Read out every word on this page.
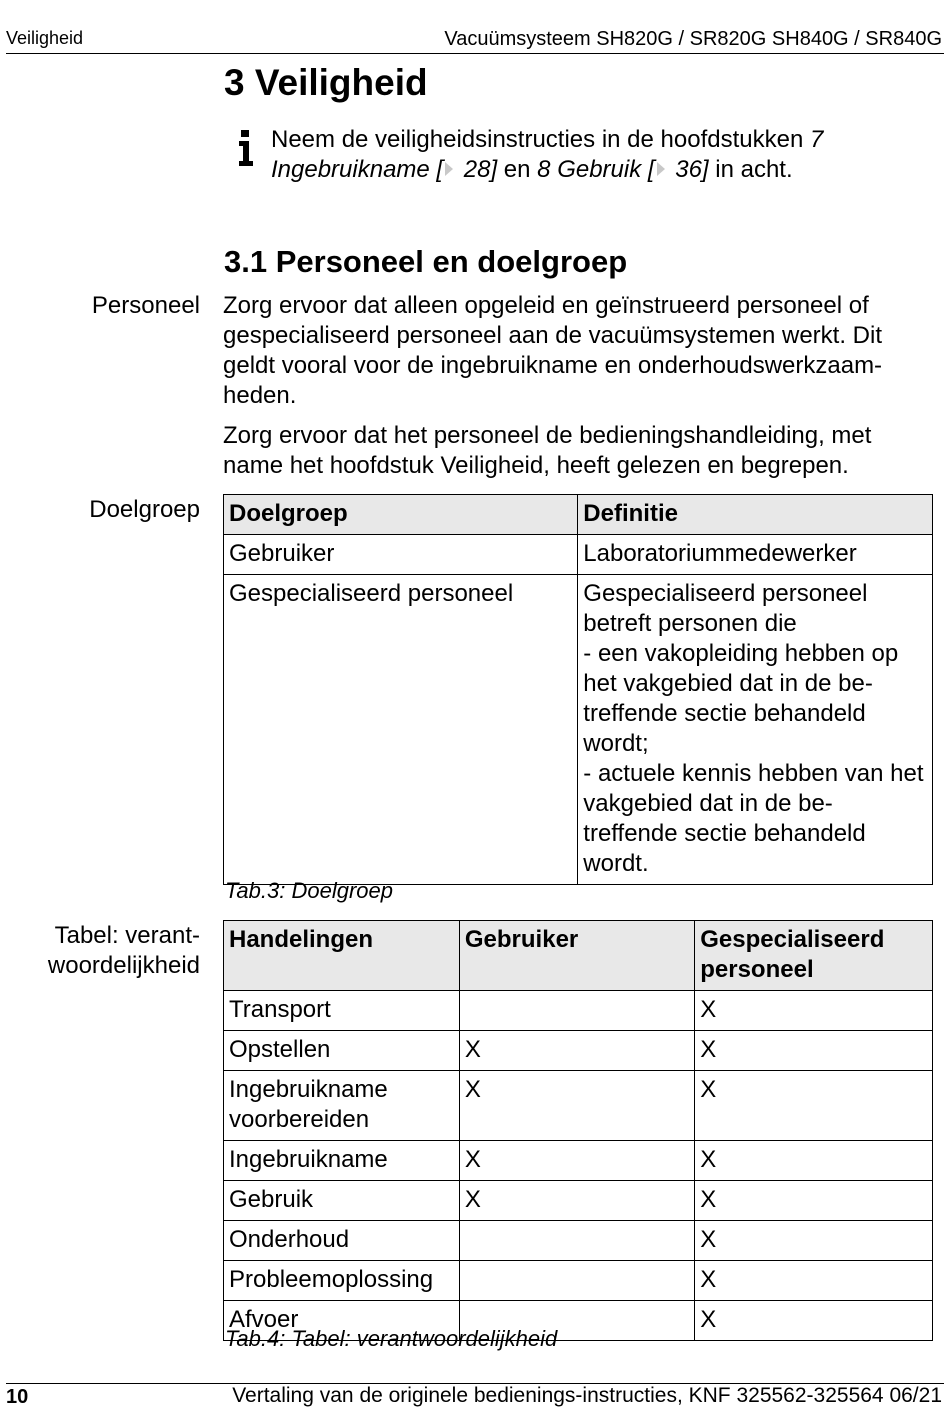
Veiligheid	Vacuümsysteem SH820G / SR820G SH840G / SR840G
3 Veiligheid
Neem de veiligheidsinstructies in de hoofdstukken 7 Ingebruikname [ 28] en 8 Gebruik [ 36] in acht.
3.1 Personeel en doelgroep
Personeel
Doelgroep
Tabel: verant-
woordelijkheid

Zorg ervoor dat alleen opgeleid en geïnstrueerd personeel of gespecialiseerd personeel aan de vacuümsystemen werkt. Dit geldt vooral voor de ingebruikname en onderhoudswerkzaam-heden.

Zorg ervoor dat het personeel de bedieningshandleiding, met name het hoofdstuk Veiligheid, heeft gelezen en begrepen.

Doelgroep	Definitie
Gebruiker	Laboratoriummedewerker
Gespecialiseerd personeel	Gespecialiseerd personeel betreft personen die
- een vakopleiding hebben op het vakgebied dat in de be-treffende sectie behandeld wordt;
- actuele kennis hebben van het vakgebied dat in de be-treffende sectie behandeld wordt.
Tab.3: Doelgroep
Handelingen	Gebruiker	Gespecialiseerd personeel
Transport		X
Opstellen	X	X
Ingebruikname voorbereiden	X	X
Ingebruikname	X	X
Gebruik	X	X
Onderhoud		X
Probleemoplossing		X
Afvoer		X
Tab.4: Tabel: verantwoordelijkheid
10	Vertaling van de originele bedienings-instructies, KNF 325562-325564 06/21
